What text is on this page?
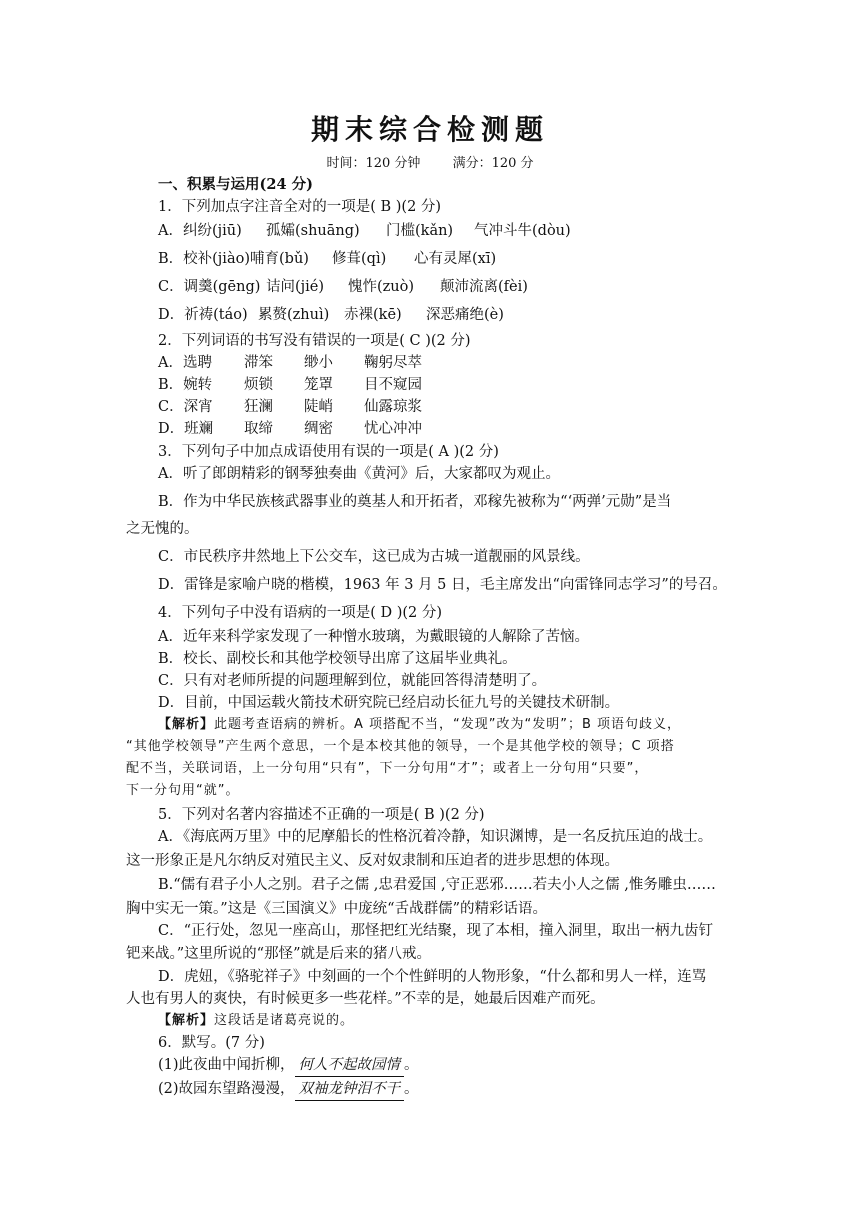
期末综合检测题
时间：120 分钟 满分：120 分
一、积累与运用(24 分)
1．下列加点字注音全对的一项是( B )(2 分)
A．纠纷(jiū) 孤孀(shuāng) 门槛(kǎn) 气冲斗牛(dòu)
B．校补(jiào)哺育(bǔ) 修葺(qì) 心有灵犀(xī)
C．调羹(gēng) 诘问(jié) 愧怍(zuò) 颠沛流离(fèi)
D．祈祷(táo) 累赘(zhuì) 赤裸(kē) 深恶痛绝(è)
2．下列词语的书写没有错误的一项是( C )(2 分)
A．选聘 滞笨 缈小 鞠躬尽萃
B．婉转 烦锁 笼罩 目不窥园
C．深宵 狂澜 陡峭 仙露琼浆
D．班斓 取缔 绸密 忧心冲冲
3．下列句子中加点成语使用有误的一项是( A )(2 分)
A．听了郎朗精彩的钢琴独奏曲《黄河》后，大家都叹为观止。
B．作为中华民族核武器事业的奠基人和开拓者，邓稼先被称为“‘两弹’元勋”是当
之无愧的。
C．市民秩序井然地上下公交车，这已成为古城一道靓丽的风景线。
D．雷锋是家喻户晓的楷模，1963 年 3 月 5 日，毛主席发出“向雷锋同志学习”的号召。
4．下列句子中没有语病的一项是( D )(2 分)
A．近年来科学家发现了一种憎水玻璃，为戴眼镜的人解除了苦恼。
B．校长、副校长和其他学校领导出席了这届毕业典礼。
C．只有对老师所提的问题理解到位，就能回答得清楚明了。
D．目前，中国运载火箭技术研究院已经启动长征九号的关键技术研制。
【解析】此题考查语病的辨析。A 项搭配不当，“发现”改为“发明”；B 项语句歧义，
“其他学校领导”产生两个意思，一个是本校其他的领导，一个是其他学校的领导；C 项搭
配不当，关联词语，上一分句用“只有”，下一分句用“才”；或者上一分句用“只要”，
下一分句用“就”。
5．下列对名著内容描述不正确的一项是( B )(2 分)
A．《海底两万里》中的尼摩船长的性格沉着冷静，知识渊博，是一名反抗压迫的战士。
这一形象正是凡尔纳反对殖民主义、反对奴隶制和压迫者的进步思想的体现。
B.“儒有君子小人之别。君子之儒 ,忠君爱国 ,守正恶邪……若夫小人之儒 ,惟务雕虫……
胸中实无一策。”这是《三国演义》中庞统“舌战群儒”的精彩话语。
C．“正行处，忽见一座高山，那怪把红光结聚，现了本相，撞入洞里，取出一柄九齿钉
钯来战。”这里所说的“那怪”就是后来的猪八戒。
D．虎妞，《骆驼祥子》中刻画的一个个性鲜明的人物形象，“什么都和男人一样，连骂
人也有男人的爽快，有时候更多一些花样。”不幸的是，她最后因难产而死。
【解析】这段话是诸葛亮说的。
6．默写。(7 分)
(1)此夜曲中闻折柳， 何人不起故园情 。
(2)故园东望路漫漫， 双袖龙钟泪不干 。
